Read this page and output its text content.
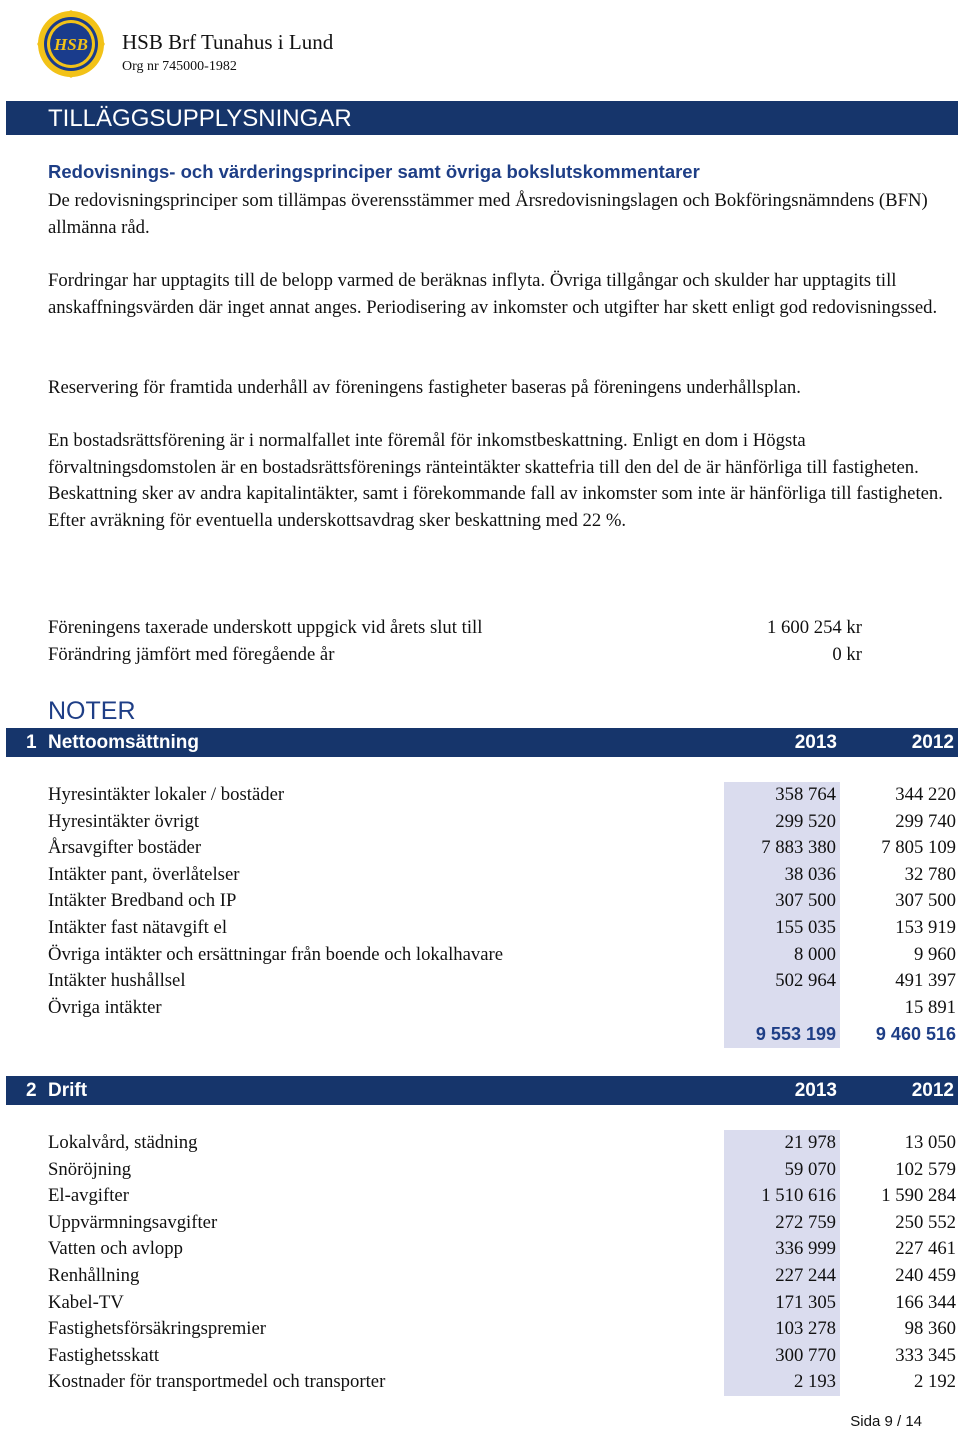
HSB HSB Brf Tunahus i Lund
Org nr 745000-1982
TILLÄGGSUPPLYSNINGAR
Redovisnings- och värderingsprinciper samt övriga bokslutskommentarer

De redovisningsprinciper som tillämpas överensstämmer med Årsredovisningslagen och Bokföringsnämndens (BFN) allmänna råd.

Fordringar har upptagits till de belopp varmed de beräknas inflyta. Övriga tillgångar och skulder har upptagits till anskaffningsvärden där inget annat anges. Periodisering av inkomster och utgifter har skett enligt god redovisningssed.

Reservering för framtida underhåll av föreningens fastigheter baseras på föreningens underhållsplan.

En bostadsrättsförening är i normalfallet inte föremål för inkomstbeskattning. Enligt en dom i Högsta förvaltningsdomstolen är en bostadsrättsförenings ränteintäkter skattefria till den del de är hänförliga till fastigheten. Beskattning sker av andra kapitalintäkter, samt i förekommande fall av inkomster som inte är hänförliga till fastigheten. Efter avräkning för eventuella underskottsavdrag sker beskattning med 22 %.

Föreningens taxerade underskott uppgick vid årets slut till	1 600 254 kr
Förändring jämfört med föregående år	0 kr
NOTER
1 Nettoomsättning	2013	2012
Hyresintäkter lokaler / bostäder	358 764	344 220
Hyresintäkter övrigt	299 520	299 740
Årsavgifter bostäder	7 883 380	7 805 109
Intäkter pant, överlåtelser	38 036	32 780
Intäkter Bredband och IP	307 500	307 500
Intäkter fast nätavgift el	155 035	153 919
Övriga intäkter och ersättningar från boende och lokalhavare	8 000	9 960
Intäkter hushållsel	502 964	491 397
Övriga intäkter		15 891
	9 553 199	9 460 516
2 Drift	2013	2012
Lokalvård, städning	21 978	13 050
Snöröjning	59 070	102 579
El-avgifter	1 510 616	1 590 284
Uppvärmningsavgifter	272 759	250 552
Vatten och avlopp	336 999	227 461
Renhållning	227 244	240 459
Kabel-TV	171 305	166 344
Fastighetsförsäkringspremier	103 278	98 360
Fastighetsskatt	300 770	333 345
Kostnader för transportmedel och transporter	2 193	2 192
Sida 9 / 14
